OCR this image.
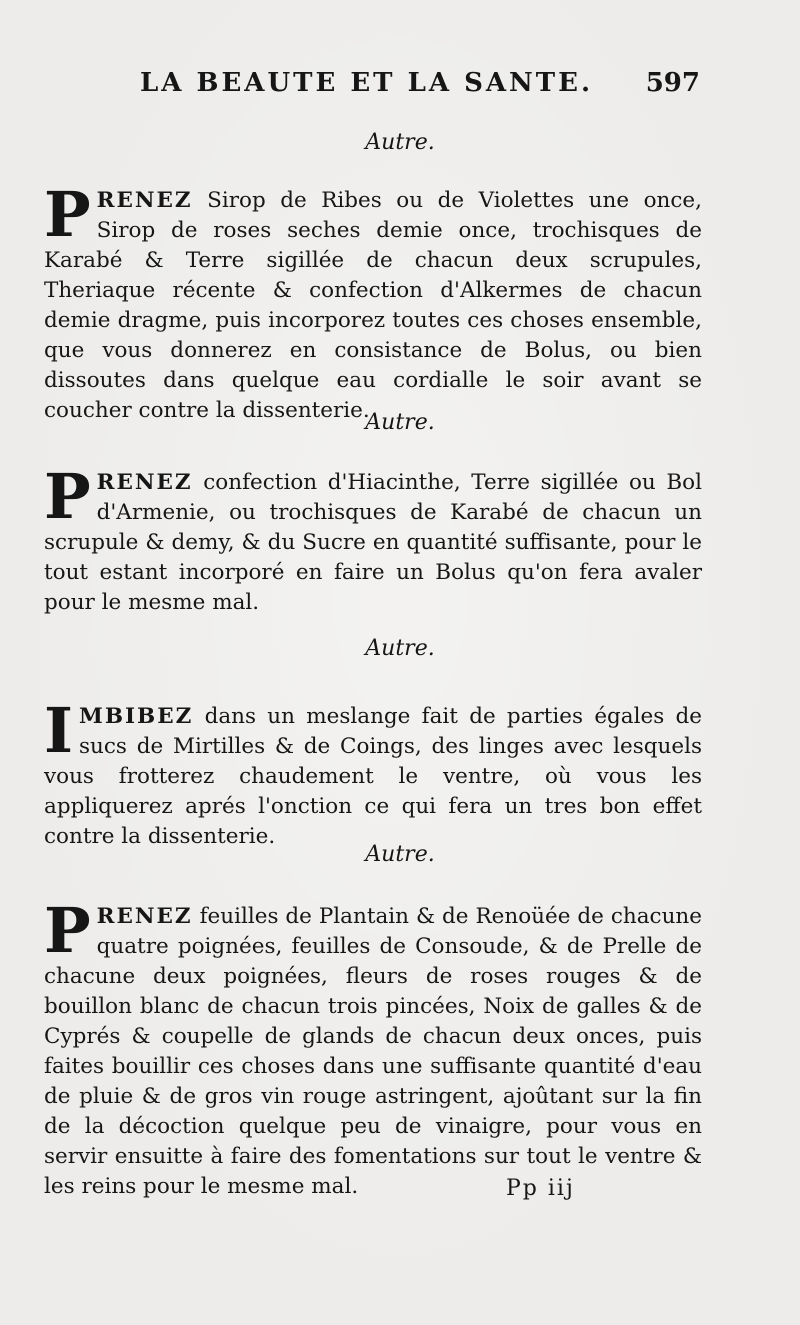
LA BEAUTE ET LA SANTE. 597
Autre.
PRENEZ Sirop de Ribes ou de Violettes une once, Sirop de roses seches demie once, trochisques de Karabé & Terre sigillée de chacun deux scrupules, Theriaque récente & confection d'Alkermes de chacun demie dragme, puis incorporez toutes ces choses ensemble, que vous donnerez en consistance de Bolus, ou bien dissoutes dans quelque eau cordialle le soir avant se coucher contre la dissenterie.
Autre.
PRENEZ confection d'Hiacinthe, Terre sigillée ou Bol d'Armenie, ou trochisques de Karabé de chacun un scrupule & demy, & du Sucre en quantité suffisante, pour le tout estant incorporé en faire un Bolus qu'on fera avaler pour le mesme mal.
Autre.
IMBIBEZ dans un meslange fait de parties égales de sucs de Mirtilles & de Coings, des linges avec lesquels vous frotterez chaudement le ventre, où vous les appliquerez aprés l'onction ce qui fera un tres bon effet contre la dissenterie.
Autre.
PRENEZ feuilles de Plantain & de Renoüée de chacune quatre poignées, feuilles de Consoude, & de Prelle de chacune deux poignées, fleurs de roses rouges & de bouillon blanc de chacun trois pincées, Noix de galles & de Cyprés & coupelle de glands de chacun deux onces, puis faites bouillir ces choses dans une suffisante quantité d'eau de pluie & de gros vin rouge astringent, ajoûtant sur la fin de la décoction quelque peu de vinaigre, pour vous en servir ensuitte à faire des fomentations sur tout le ventre & les reins pour le mesme mal.	Pp iij
